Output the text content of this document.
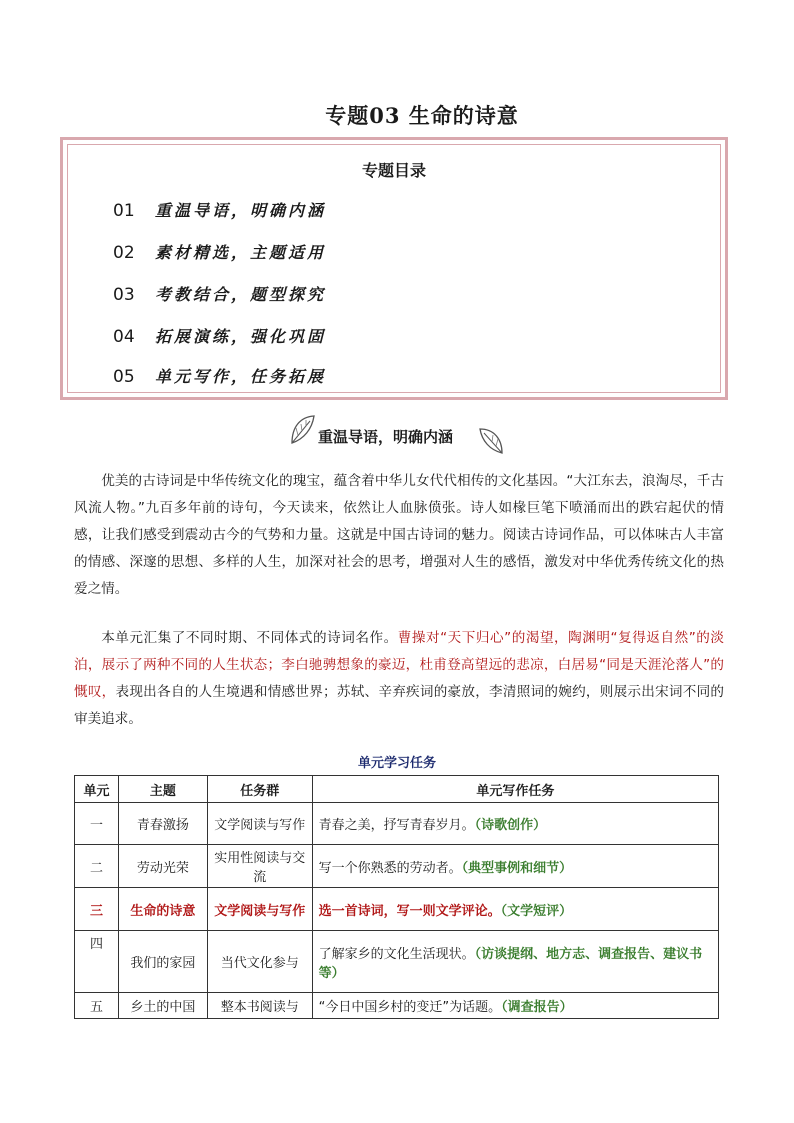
专题03 生命的诗意
专题目录
01 重温导语，明确内涵
02 素材精选，主题适用
03 考教结合，题型探究
04 拓展演练，强化巩固
05 单元写作，任务拓展
重温导语，明确内涵

优美的古诗词是中华传统文化的瑰宝，蕴含着中华儿女代代相传的文化基因。“大江东去，浪淘尽，千古风流人物。”九百多年前的诗句，今天读来，依然让人血脉偾张。诗人如椽巨笔下喷涌而出的跌宕起伏的情感，让我们感受到震动古今的气势和力量。这就是中国古诗词的魅力。阅读古诗词作品，可以体味古人丰富的情感、深邃的思想、多样的人生，加深对社会的思考，增强对人生的感悟，激发对中华优秀传统文化的热爱之情。

本单元汇集了不同时期、不同体式的诗词名作。曹操对“天下归心”的渴望，陶渊明“复得返自然”的淡泊，展示了两种不同的人生状态；李白驰骋想象的豪迈，杜甫登高望远的悲凉，白居易“同是天涯沦落人”的慨叹，表现出各自的人生境遇和情感世界；苏轼、辛弃疾词的豪放，李清照词的婉约，则展示出宋词不同的审美追求。

单元学习任务
单元	主题	任务群	单元写作任务
一	青春激扬	文学阅读与写作	青春之美，抒写青春岁月。（诗歌创作）
二	劳动光荣	实用性阅读与交流	写一个你熟悉的劳动者。（典型事例和细节）
三	生命的诗意	文学阅读与写作	选一首诗词，写一则文学评论。（文学短评）
四	我们的家园	当代文化参与	了解家乡的文化生活现状。（访谈提纲、地方志、调查报告、建议书等）
五	乡土的中国	整本书阅读与	“今日中国乡村的变迁”为话题。（调查报告）
